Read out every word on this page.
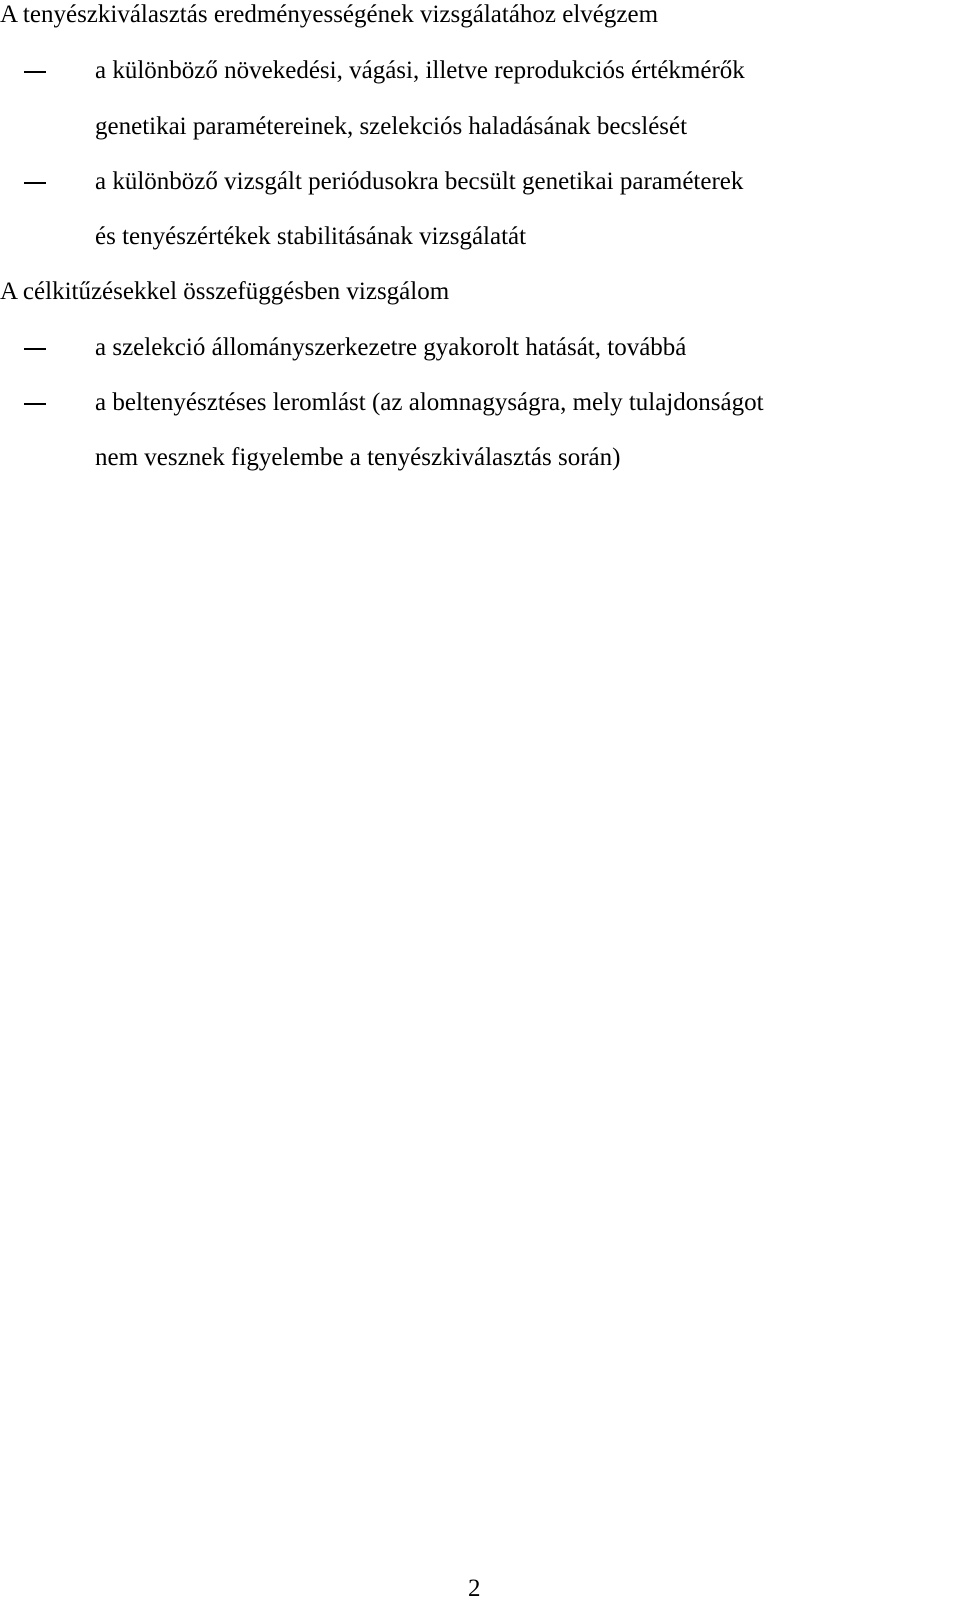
A tenyészkiválasztás eredményességének vizsgálatához elvégzem
a különböző növekedési, vágási, illetve reprodukciós értékmérők
genetikai paramétereinek, szelekciós haladásának becslését
a különböző vizsgált periódusokra becsült genetikai paraméterek
és tenyészértékek stabilitásának vizsgálatát
A célkitűzésekkel összefüggésben vizsgálom
a szelekció állományszerkezetre gyakorolt hatását, továbbá
a beltenyésztéses leromlást (az alomnagyságra, mely tulajdonságot
nem vesznek figyelembe a tenyészkiválasztás során)
2
